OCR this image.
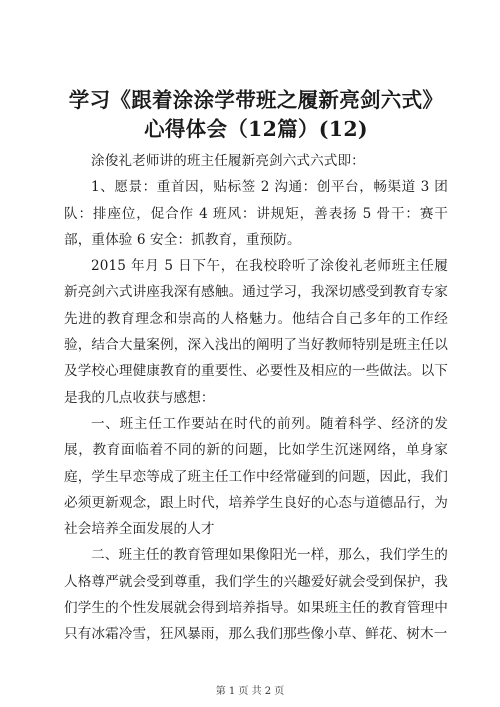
学习《跟着涂涂学带班之履新亮剑六式》心得体会（12篇）(12)

涂俊礼老师讲的班主任履新亮剑六式六式即：

1、愿景：重首因，贴标签 2 沟通：创平台，畅渠道 3 团队：排座位，促合作 4 班风：讲规矩，善表扬 5 骨干：赛干部，重体验 6 安全：抓教育，重预防。

2015 年月 5 日下午，在我校聆听了涂俊礼老师班主任履新亮剑六式讲座我深有感触。通过学习，我深切感受到教育专家先进的教育理念和崇高的人格魅力。他结合自己多年的工作经验，结合大量案例，深入浅出的阐明了当好教师特别是班主任以及学校心理健康教育的重要性、必要性及相应的一些做法。以下是我的几点收获与感想：

一、班主任工作要站在时代的前列。随着科学、经济的发展，教育面临着不同的新的问题，比如学生沉迷网络，单身家庭，学生早恋等成了班主任工作中经常碰到的问题，因此，我们必须更新观念，跟上时代，培养学生良好的心态与道德品行，为社会培养全面发展的人才

二、班主任的教育管理如果像阳光一样，那么，我们学生的人格尊严就会受到尊重，我们学生的兴趣爱好就会受到保护，我们学生的个性发展就会得到培养指导。如果班主任的教育管理中只有冰霜冷雪，狂风暴雨，那么我们那些像小草、鲜花、树木一

第 1 页 共 2 页
